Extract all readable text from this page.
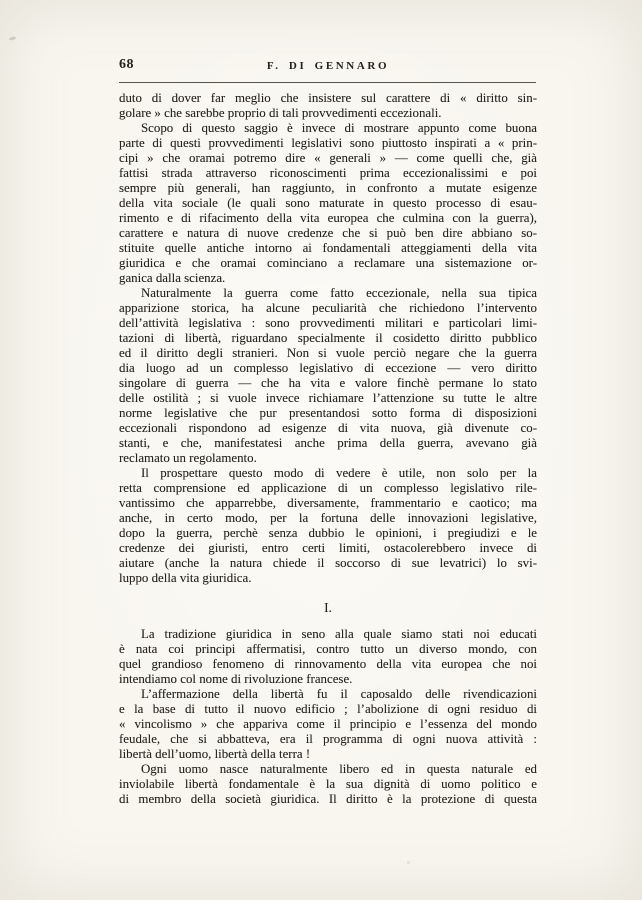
68	F. DI GENNARO
duto di dover far meglio che insistere sul carattere di « diritto sin-
golare » che sarebbe proprio di tali provvedimenti eccezionali.
Scopo di questo saggio è invece di mostrare appunto come buona
parte di questi provvedimenti legislativi sono piuttosto inspirati a « prin-
cipi » che oramai potremo dire « generali » — come quelli che, già
fattisi strada attraverso riconoscimenti prima eccezionalissimi e poi
sempre più generali, han raggiunto, in confronto a mutate esigenze
della vita sociale (le quali sono maturate in questo processo di esau-
rimento e di rifacimento della vita europea che culmina con la guerra),
carattere e natura di nuove credenze che si può ben dire abbiano so-
stituite quelle antiche intorno ai fondamentali atteggiamenti della vita
giuridica e che oramai cominciano a reclamare una sistemazione or-
ganica dalla scienza.
Naturalmente la guerra come fatto eccezionale, nella sua tipica
apparizione storica, ha alcune peculiarità che richiedono l’intervento
dell’attività legislativa : sono provvedimenti militari e particolari limi-
tazioni di libertà, riguardano specialmente il cosidetto diritto pubblico
ed il diritto degli stranieri. Non si vuole perciò negare che la guerra
dia luogo ad un complesso legislativo di eccezione — vero diritto
singolare di guerra — che ha vita e valore finchè permane lo stato
delle ostilità ; si vuole invece richiamare l’attenzione su tutte le altre
norme legislative che pur presentandosi sotto forma di disposizioni
eccezionali rispondono ad esigenze di vita nuova, già divenute co-
stanti, e che, manifestatesi anche prima della guerra, avevano già
reclamato un regolamento.
Il prospettare questo modo di vedere è utile, non solo per la
retta comprensione ed applicazione di un complesso legislativo rile-
vantissimo che apparrebbe, diversamente, frammentario e caotico; ma
anche, in certo modo, per la fortuna delle innovazioni legislative,
dopo la guerra, perchè senza dubbio le opinioni, i pregiudizi e le
credenze dei giuristi, entro certi limiti, ostacolerebbero invece di
aiutare (anche la natura chiede il soccorso di sue levatrici) lo svi-
luppo della vita giuridica.
I.
La tradizione giuridica in seno alla quale siamo stati noi educati
è nata coi principi affermatisi, contro tutto un diverso mondo, con
quel grandioso fenomeno di rinnovamento della vita europea che noi
intendiamo col nome di rivoluzione francese.
L’affermazione della libertà fu il caposaldo delle rivendicazioni
e la base di tutto il nuovo edificio ; l’abolizione di ogni residuo di
« vincolismo » che appariva come il principio e l’essenza del mondo
feudale, che si abbatteva, era il programma di ogni nuova attività :
libertà dell’uomo, libertà della terra !
Ogni uomo nasce naturalmente libero ed in questa naturale ed
inviolabile libertà fondamentale è la sua dignità di uomo politico e
di membro della società giuridica. Il diritto è la protezione di questa
